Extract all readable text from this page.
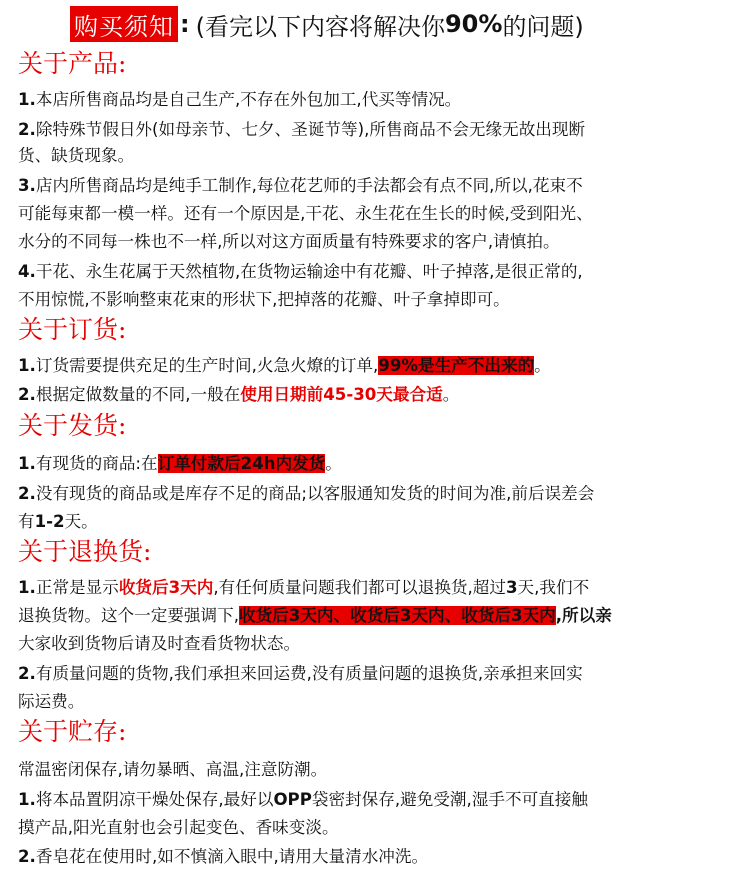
购买须知 : (看完以下内容将解决你 90% 的问题)
关于产品:
1.本店所售商品均是自己生产,不存在外包加工,代买等情况。
2.除特殊节假日外(如母亲节、七夕、圣诞节等),所售商品不会无缘无故出现断
货、缺货现象。
3.店内所售商品均是纯手工制作,每位花艺师的手法都会有点不同,所以,花束不
可能每束都一模一样。还有一个原因是,干花、永生花在生长的时候,受到阳光、
水分的不同每一株也不一样,所以对这方面质量有特殊要求的客户,请慎拍。
4.干花、永生花属于天然植物,在货物运输途中有花瓣、叶子掉落,是很正常的,
不用惊慌,不影响整束花束的形状下,把掉落的花瓣、叶子拿掉即可。
关于订货:
1.订货需要提供充足的生产时间,火急火燎的订单,99%是生产不出来的。
2.根据定做数量的不同,一般在使用日期前45-30天最合适。
关于发货:
1.有现货的商品:在订单付款后24h内发货。
2.没有现货的商品或是库存不足的商品;以客服通知发货的时间为准,前后误差会
有1-2天。
关于退换货:
1.正常是显示收货后3天内,有任何质量问题我们都可以退换货,超过3天,我们不
退换货物。这个一定要强调下,收货后3天内、收货后3天内、收货后3天内,所以亲
大家收到货物后请及时查看货物状态。
2.有质量问题的货物,我们承担来回运费,没有质量问题的退换货,亲承担来回实
际运费。
关于贮存:
常温密闭保存,请勿暴晒、高温,注意防潮。
1.将本品置阴凉干燥处保存,最好以OPP袋密封保存,避免受潮,湿手不可直接触
摸产品,阳光直射也会引起变色、香味变淡。
2.香皂花在使用时,如不慎滴入眼中,请用大量清水冲洗。
